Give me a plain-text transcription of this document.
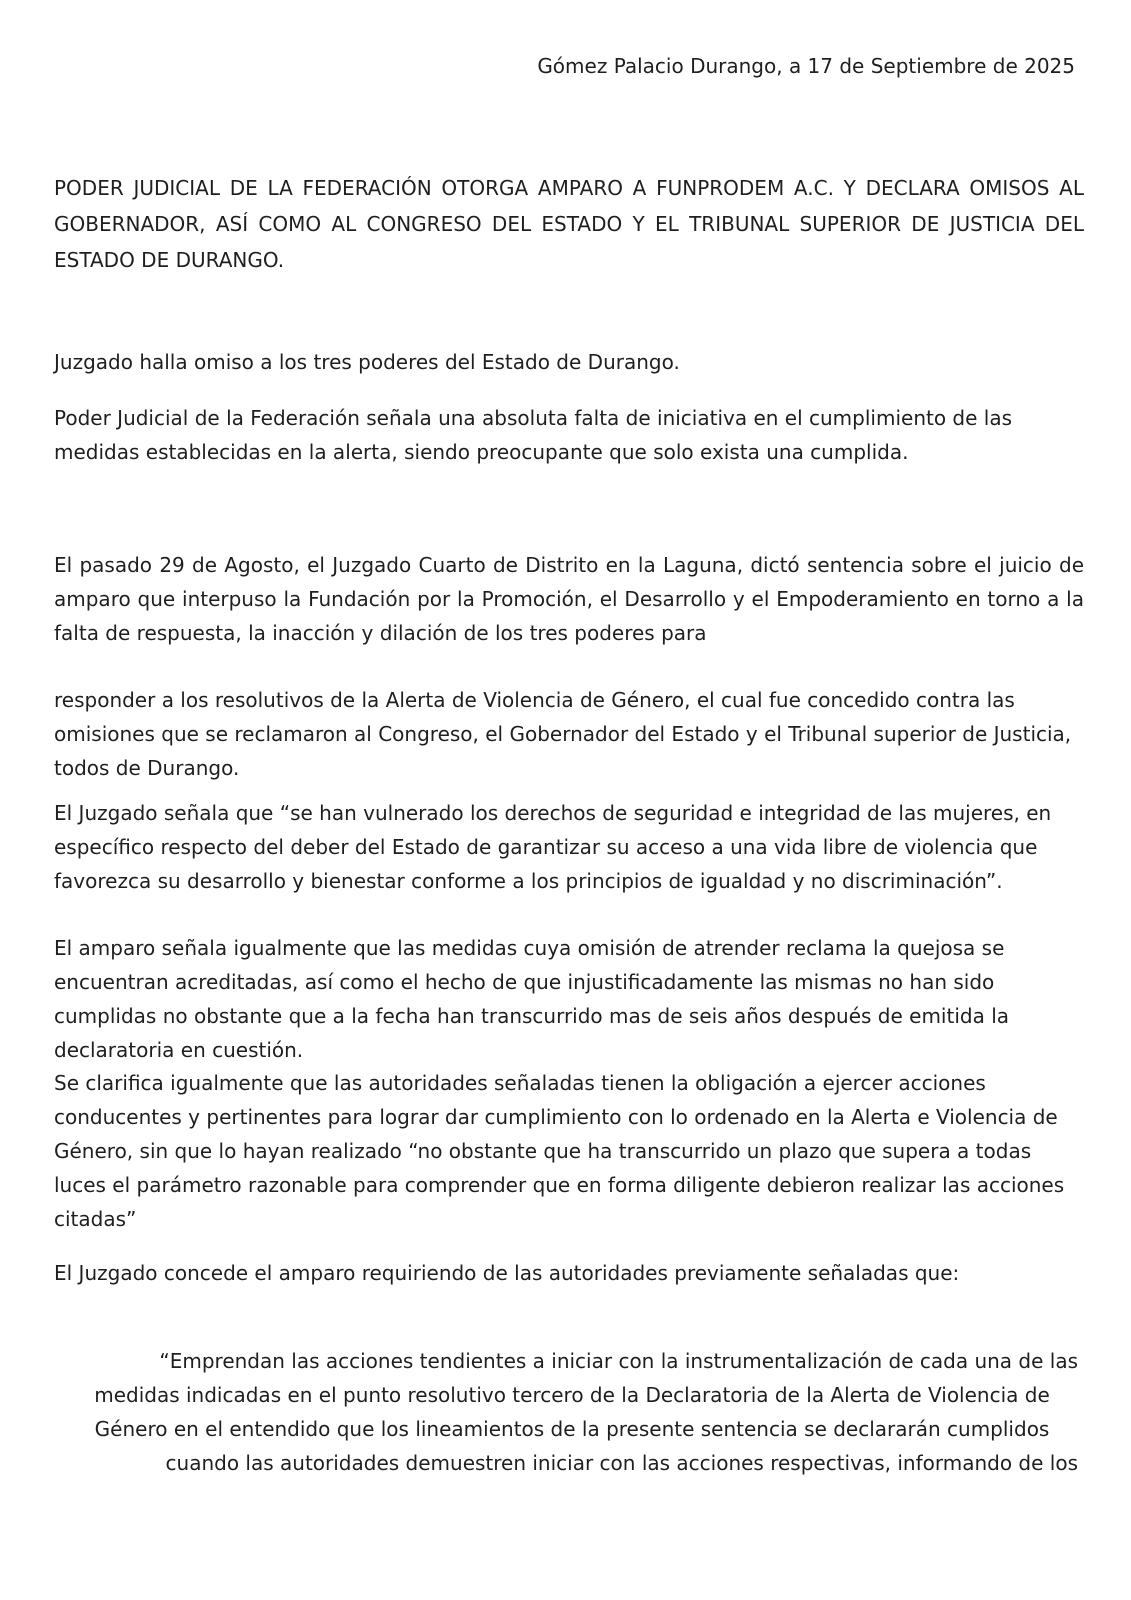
Gómez Palacio Durango, a 17 de Septiembre de 2025
PODER JUDICIAL DE LA FEDERACIÓN OTORGA AMPARO A FUNPRODEM A.C. Y DECLARA OMISOS AL GOBERNADOR, ASÍ COMO AL CONGRESO DEL ESTADO Y EL TRIBUNAL SUPERIOR DE JUSTICIA DEL ESTADO DE DURANGO.

Juzgado halla omiso a los tres poderes del Estado de Durango.

Poder Judicial de la Federación señala una absoluta falta de iniciativa en el cumplimiento de las medidas establecidas en la alerta, siendo preocupante que solo exista una cumplida.

El pasado 29 de Agosto, el Juzgado Cuarto de Distrito en la Laguna, dictó sentencia sobre el juicio de amparo que interpuso la Fundación por la Promoción, el Desarrollo y el Empoderamiento en torno a la falta de respuesta, la inacción y dilación de los tres poderes para

responder a los resolutivos de la Alerta de Violencia de Género, el cual fue concedido contra las omisiones que se reclamaron al Congreso, el Gobernador del Estado y el Tribunal superior de Justicia, todos de Durango.

El Juzgado señala que “se han vulnerado los derechos de seguridad e integridad de las mujeres, en específico respecto del deber del Estado de garantizar su acceso a una vida libre de violencia que favorezca su desarrollo y bienestar conforme a los principios de igualdad y no discriminación”.

El amparo señala igualmente que las medidas cuya omisión de atrender reclama la quejosa se encuentran acreditadas, así como el hecho de que injustificadamente las mismas no han sido cumplidas no obstante que a la fecha han transcurrido mas de seis años después de emitida la declaratoria en cuestión.

Se clarifica igualmente que las autoridades señaladas tienen la obligación a ejercer acciones conducentes y pertinentes para lograr dar cumplimiento con lo ordenado en la Alerta e Violencia de Género, sin que lo hayan realizado “no obstante que ha transcurrido un plazo que supera a todas luces el parámetro razonable para comprender que en forma diligente debieron realizar las acciones citadas”

El Juzgado concede el amparo requiriendo de las autoridades previamente señaladas que:

“Emprendan las acciones tendientes a iniciar con la instrumentalización de cada una de las
medidas indicadas en el punto resolutivo tercero de la Declaratoria de la Alerta de Violencia de
Género en el entendido que los lineamientos de la presente sentencia se declararán cumplidos
cuando las autoridades demuestren iniciar con las acciones respectivas, informando de los
